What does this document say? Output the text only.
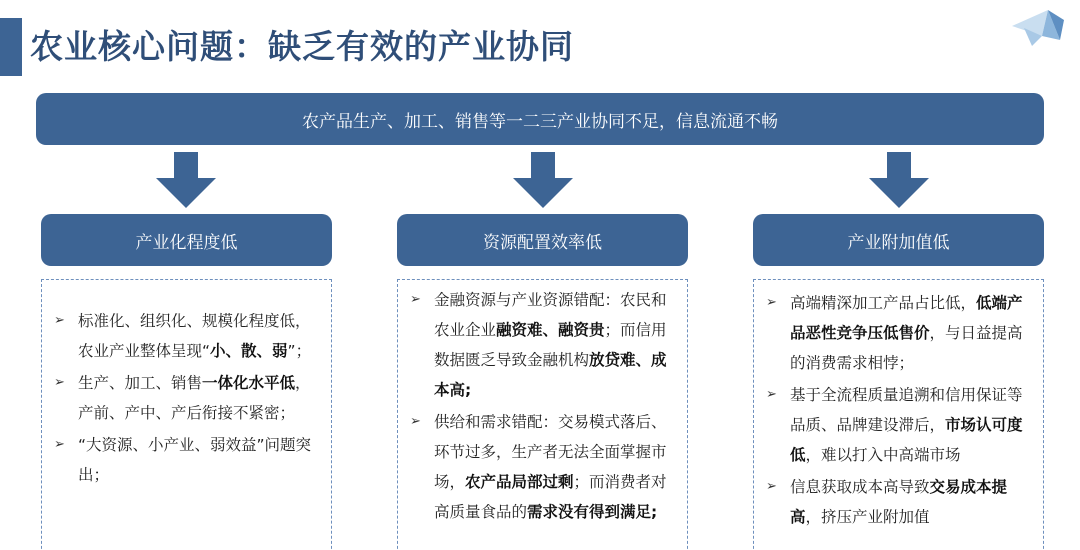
农业核心问题：缺乏有效的产业协同
农产品生产、加工、销售等一二三产业协同不足，信息流通不畅
产业化程度低	资源配置效率低	产业附加值低
➢ 标准化、组织化、规模化程度低，农业产业整体呈现“小、散、弱”；
➢ 生产、加工、销售一体化水平低，产前、产中、产后衔接不紧密；
➢ “大资源、小产业、弱效益”问题突出；
➢ 金融资源与产业资源错配：农民和农业企业融资难、融资贵；而信用数据匮乏导致金融机构放贷难、成本高;
➢ 供给和需求错配：交易模式落后、环节过多，生产者无法全面掌握市场，农产品局部过剩；而消费者对高质量食品的需求没有得到满足;
➢ 高端精深加工产品占比低，低端产品恶性竞争压低售价，与日益提高的消费需求相悖；
➢ 基于全流程质量追溯和信用保证等品质、品牌建设滞后，市场认可度低，难以打入中高端市场
➢ 信息获取成本高导致交易成本提高，挤压产业附加值
